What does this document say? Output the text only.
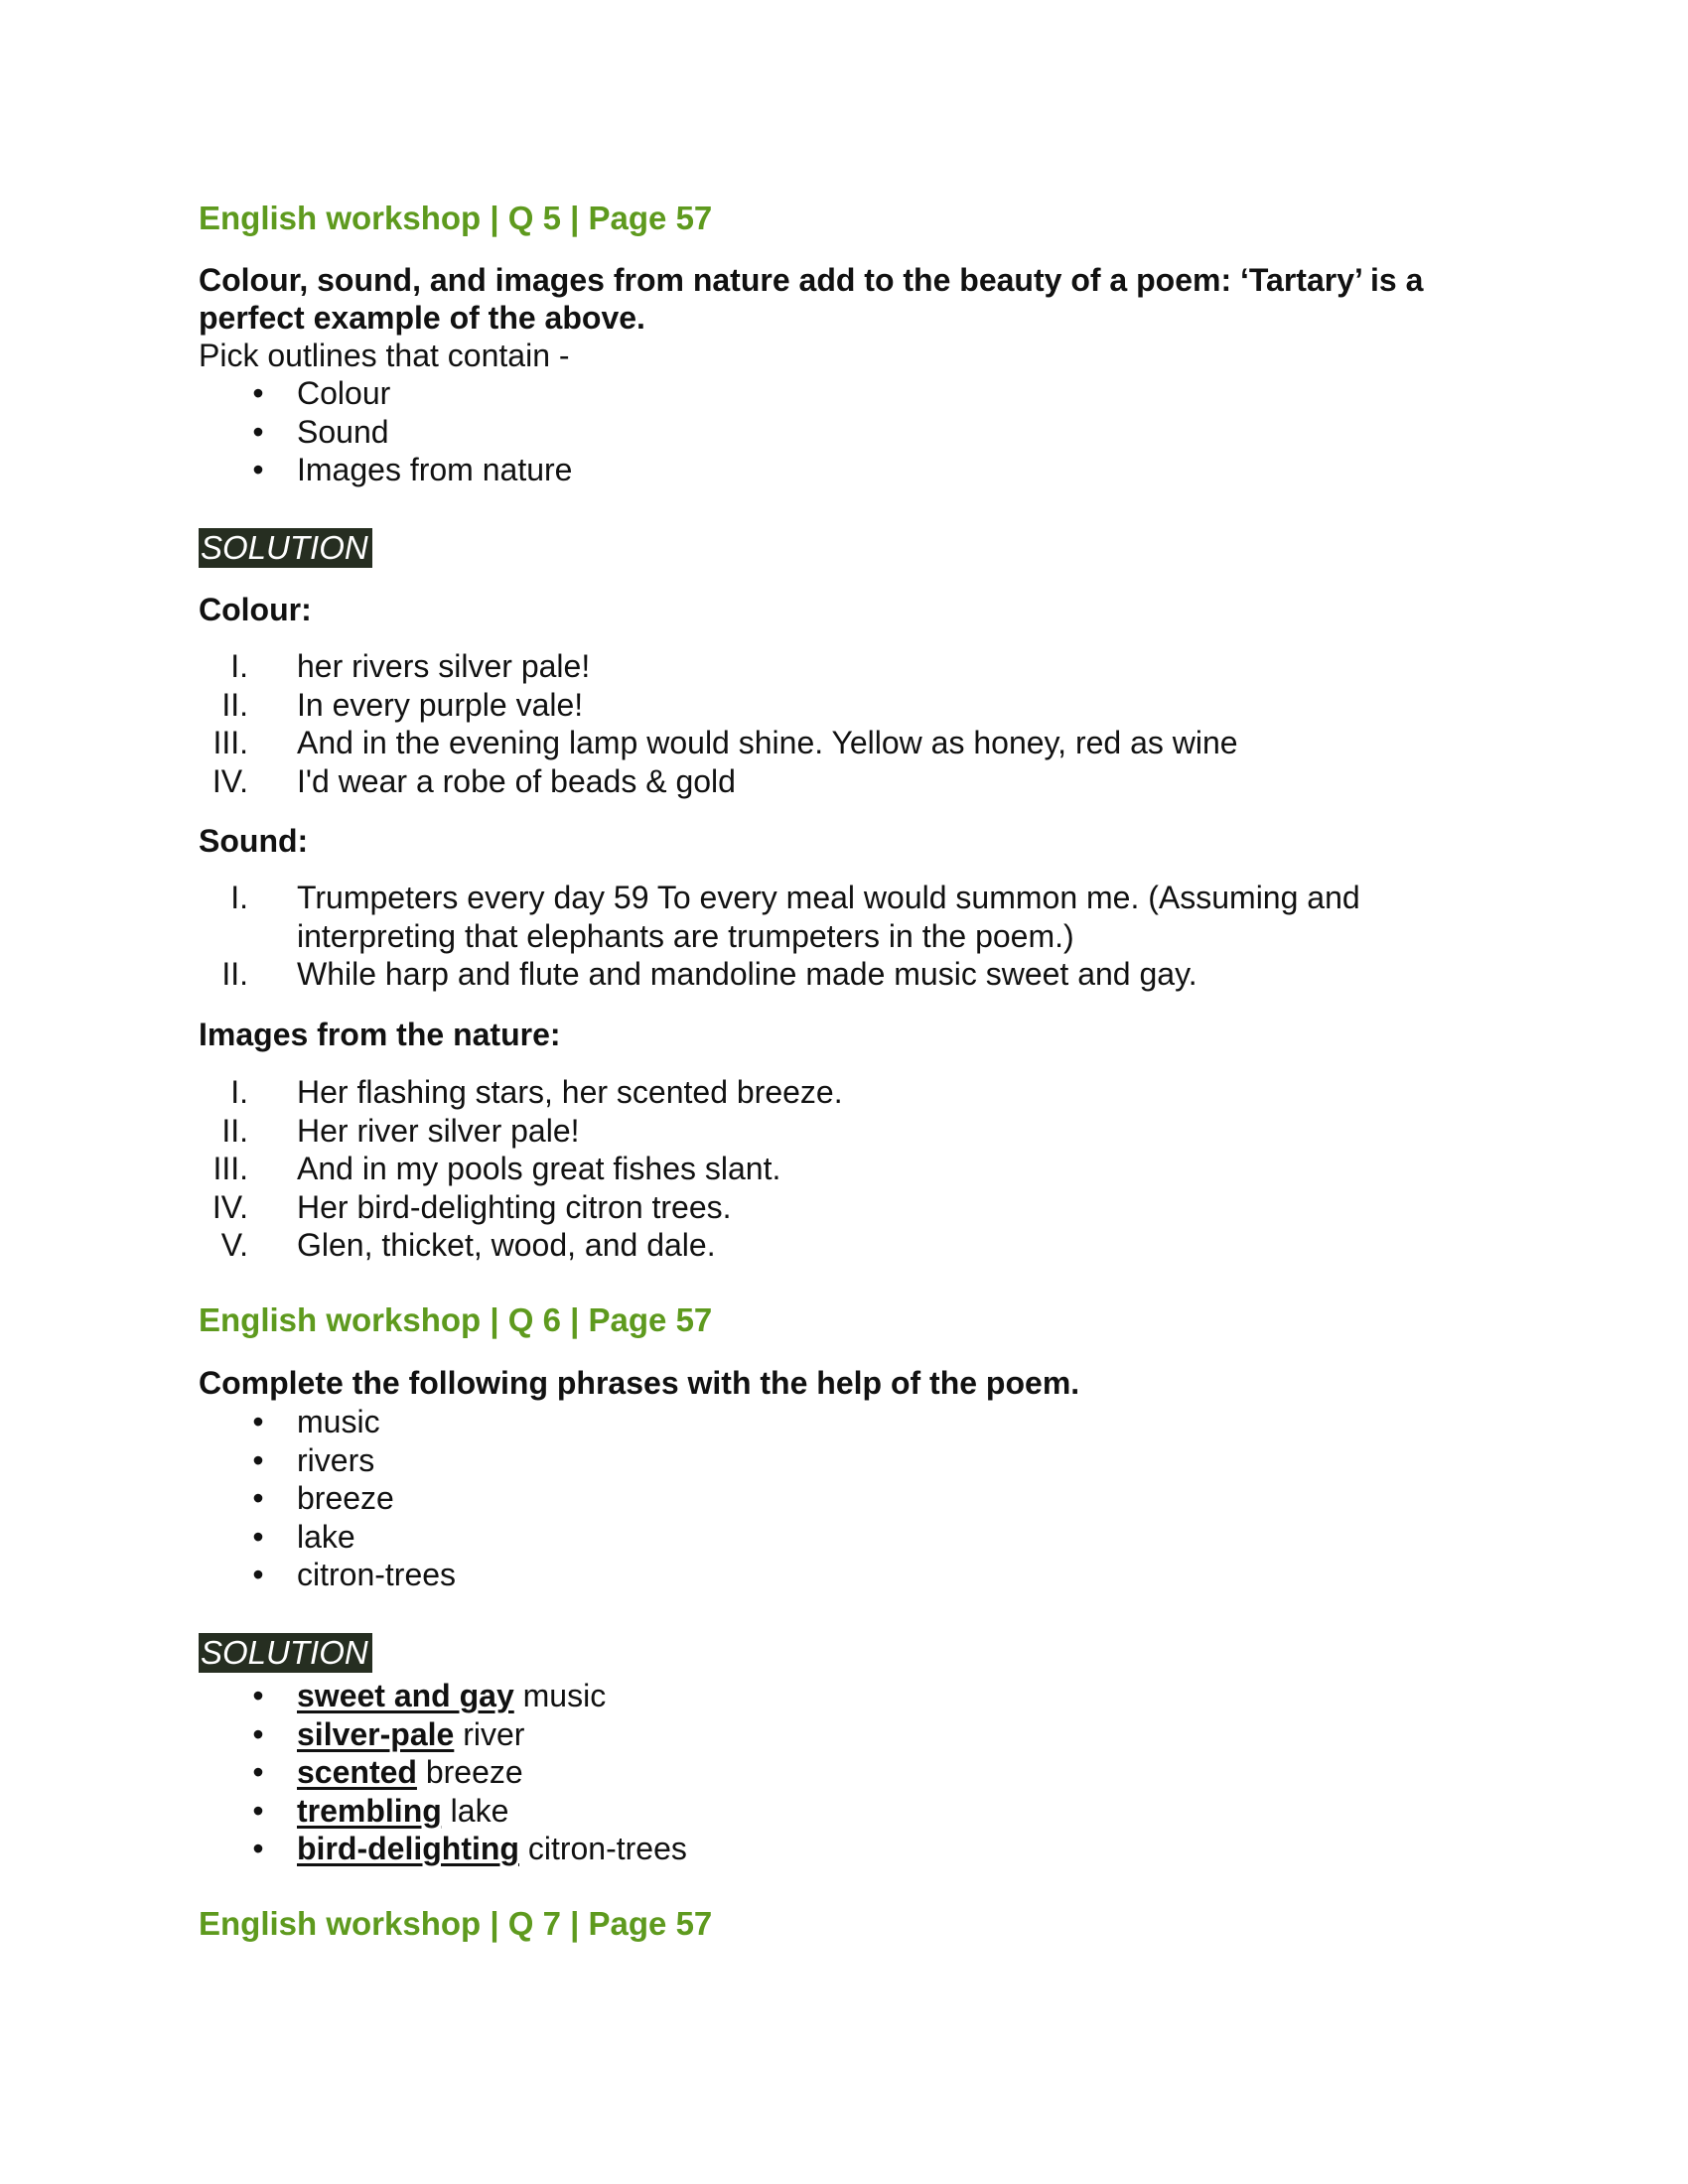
English workshop | Q 5 | Page 57
Colour, sound, and images from nature add to the beauty of a poem: ‘Tartary’ is a perfect example of the above.
Pick outlines that contain -
• Colour
• Sound
• Images from nature
SOLUTION
Colour:
I. her rivers silver pale!
II. In every purple vale!
III. And in the evening lamp would shine. Yellow as honey, red as wine
IV. I'd wear a robe of beads & gold
Sound:
I. Trumpeters every day 59 To every meal would summon me. (Assuming and interpreting that elephants are trumpeters in the poem.)
II. While harp and flute and mandoline made music sweet and gay.
Images from the nature:
I. Her flashing stars, her scented breeze.
II. Her river silver pale!
III. And in my pools great fishes slant.
IV. Her bird-delighting citron trees.
V. Glen, thicket, wood, and dale.
English workshop | Q 6 | Page 57
Complete the following phrases with the help of the poem.
• music
• rivers
• breeze
• lake
• citron-trees
SOLUTION
• sweet and gay music
• silver-pale river
• scented breeze
• trembling lake
• bird-delighting citron-trees
English workshop | Q 7 | Page 57
